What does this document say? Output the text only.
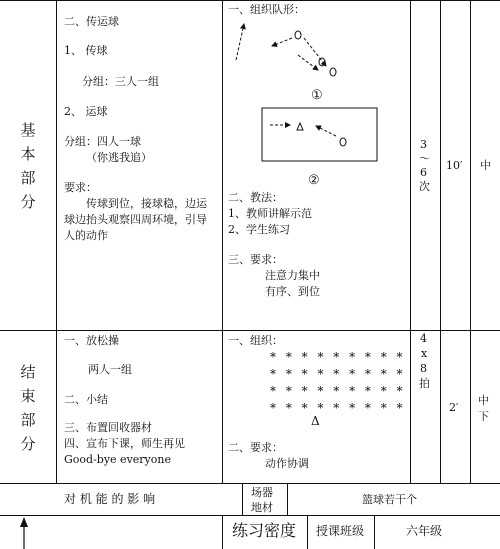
基
本
部
分
二、传运球
1、 传球
分组：三人一组
2、 运球
分组：四人一球
（你逃我追）
要求：
传球到位，接球稳，边运
球边抬头观察四周环境，引导
人的动作
一、组织队形：
①
②
二、教法：
1、教师讲解示范
2、学生练习
三、要求：
注意力集中
有序、到位
3
～
6
次
10′ 中
结
束
部
分
一、放松操
两人一组
二、小结
三、布置回收器材
四、宣布下课，师生再见
Good-bye everyone
一、组织：
* * * * * * * * *
* * * * * * * * *
* * * * * * * * *
* * * * * * * * *
Δ
二、要求：
动作协调
4
x
8
拍
2′
中
下
对 机 能 的 影 响	场器
地材
篮球若干个
练习密度 授课班级	六年级
